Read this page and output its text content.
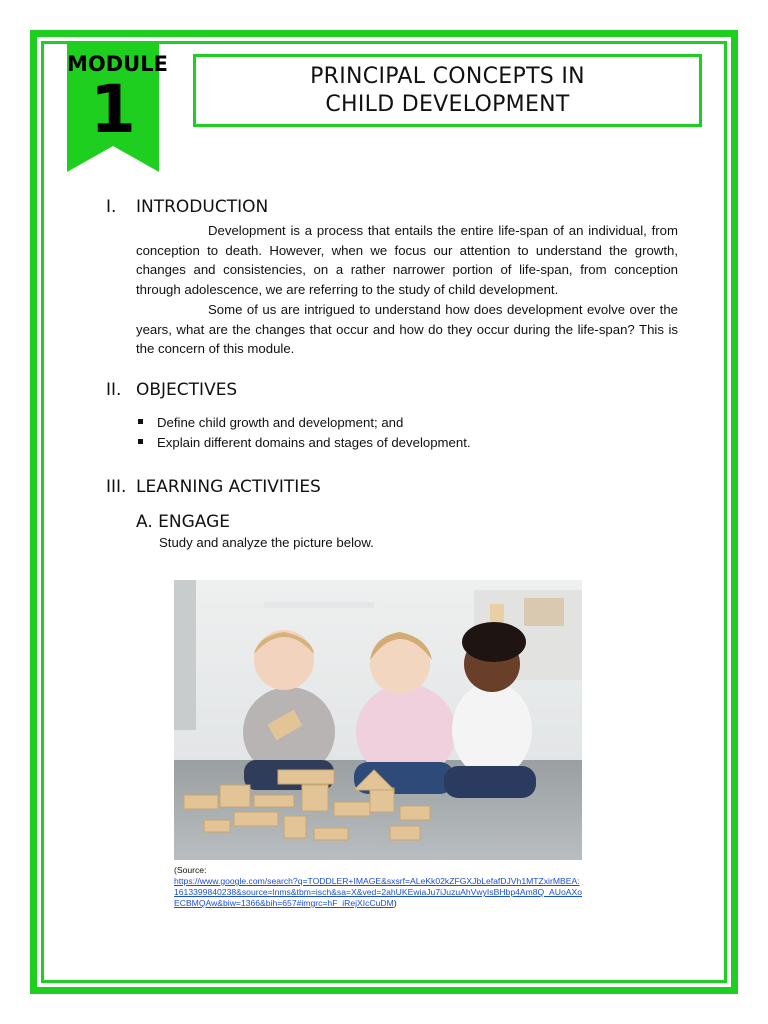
MODULE
1	PRINCIPAL CONCEPTS IN
CHILD DEVELOPMENT
I. INTRODUCTION
Development is a process that entails the entire life-span of an individual, from conception to death. However, when we focus our attention to understand the growth, changes and consistencies, on a rather narrower portion of life-span, from conception through adolescence, we are referring to the study of child development.
Some of us are intrigued to understand how does development evolve over the years, what are the changes that occur and how do they occur during the life-span? This is the concern of this module.
II. OBJECTIVES
Define child growth and development; and
Explain different domains and stages of development.
III. LEARNING ACTIVITIES
A. ENGAGE
Study and analyze the picture below.
(Source:
https://www.google.com/search?q=TODDLER+IMAGE&sxsrf=ALeKk02kZFGXJbLefafDJVh1MTZxirMBEA:1613399840238&source=lnms&tbm=isch&sa=X&ved=2ahUKEwiaJu7iJuzuAhVwyIsBHbp4Am8Q_AUoAXoECBMQAw&biw=1366&bih=657#imgrc=hF_iRejXIcCuDM)
